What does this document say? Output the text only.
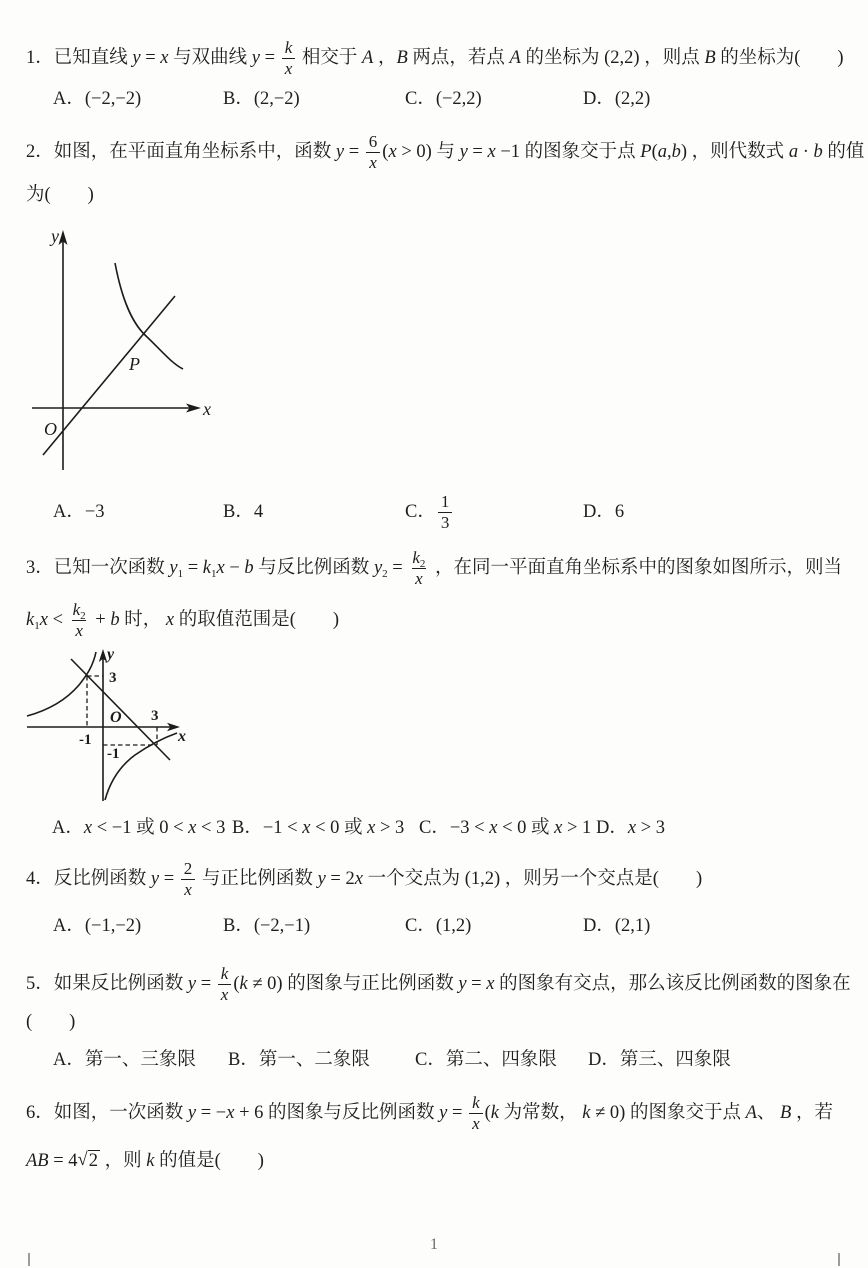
1．已知直线 y = x 与双曲线 $y = \frac{k}{x}$ 相交于 A ，B 两点，若点 A 的坐标为 (2,2) ，则点 B 的坐标为(　　)

A．(−2,−2)

	B．(2,−2)

	C．(−2,2)

	D．(2,2)

2．如图，在平面直角坐标系中，函数 $y = \frac{6}{x} (x > 0)$ 与 y = x −1 的图象交于点 P(a,b) ，则代数式 a · b 的值
为(　　)
y
x
O
P

A．−3

	B．4

	C． $\frac{1}{3}$

	D．6

3．已知一次函数 $y_1 = k_1x - b$ 与反比例函数 $y_2 = \frac{k_2}{x}$ ，在同一平面直角坐标系中的图象如图所示，则当
$k_1x < \frac{k_2}{x} + b$ 时， x 的取值范围是(　　)
y
x
O
3
-1
3
-1

A．x < −1 或 0 < x < 3

B．−1 < x < 0 或 x > 3

C．−3 < x < 0 或 x > 1

D．x > 3

4．反比例函数 $y = \frac{2}{x}$ 与正比例函数 y = 2x 一个交点为 (1,2) ，则另一个交点是(　　)

A．(−1,−2)

	B．(−2,−1)

	C．(1,2)

	D．(2,1)

5．如果反比例函数 $y = \frac{k}{x} (k \ne 0)$ 的图象与正比例函数 y = x 的图象有交点，那么该反比例函数的图象在
(　　)

A．第一、三象限

B．第一、二象限

C．第二、四象限

D．第三、四象限

6．如图，一次函数 y = −x + 6 的图象与反比例函数 $y = \frac{k}{x} (k$ 为常数， k ≠ 0) 的图象交于点 A、 B ，若
AB = 4√2 ，则 k 的值是(　　)
1
